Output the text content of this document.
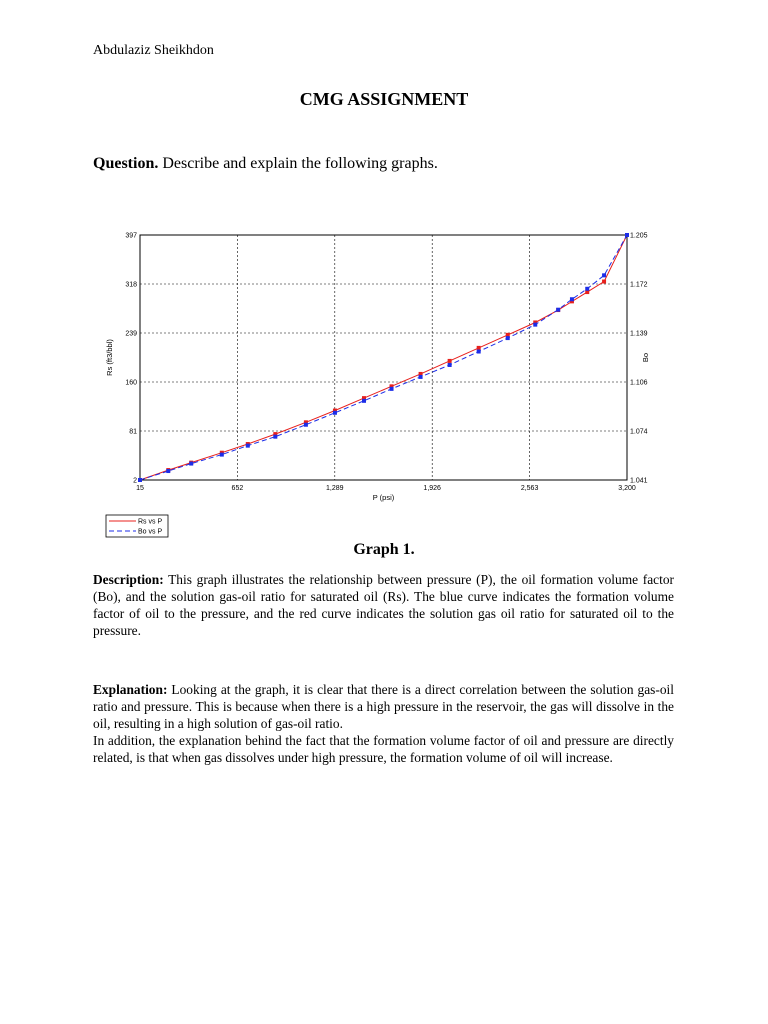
Abdulaziz Sheikhdon
CMG ASSIGNMENT
Question. Describe and explain the following graphs.
15	652	1,289	1,926	2,563	3,200
2
81
160
239
318
397
1.041
1.074
1.106
1.139
1.172
1.205
P (psi)
Rs (ft3/bbl)	Bo
Rs vs P
Bo vs P
Graph 1.
Description: This graph illustrates the relationship between pressure (P), the oil formation volume factor (Bo), and the solution gas-oil ratio for saturated oil (Rs). The blue curve indicates the formation volume factor of oil to the pressure, and the red curve indicates the solution gas oil ratio for saturated oil to the pressure.
Explanation: Looking at the graph, it is clear that there is a direct correlation between the solution gas-oil ratio and pressure. This is because when there is a high pressure in the reservoir, the gas will dissolve in the oil, resulting in a high solution of gas-oil ratio.
In addition, the explanation behind the fact that the formation volume factor of oil and pressure are directly related, is that when gas dissolves under high pressure, the formation volume of oil will increase.
